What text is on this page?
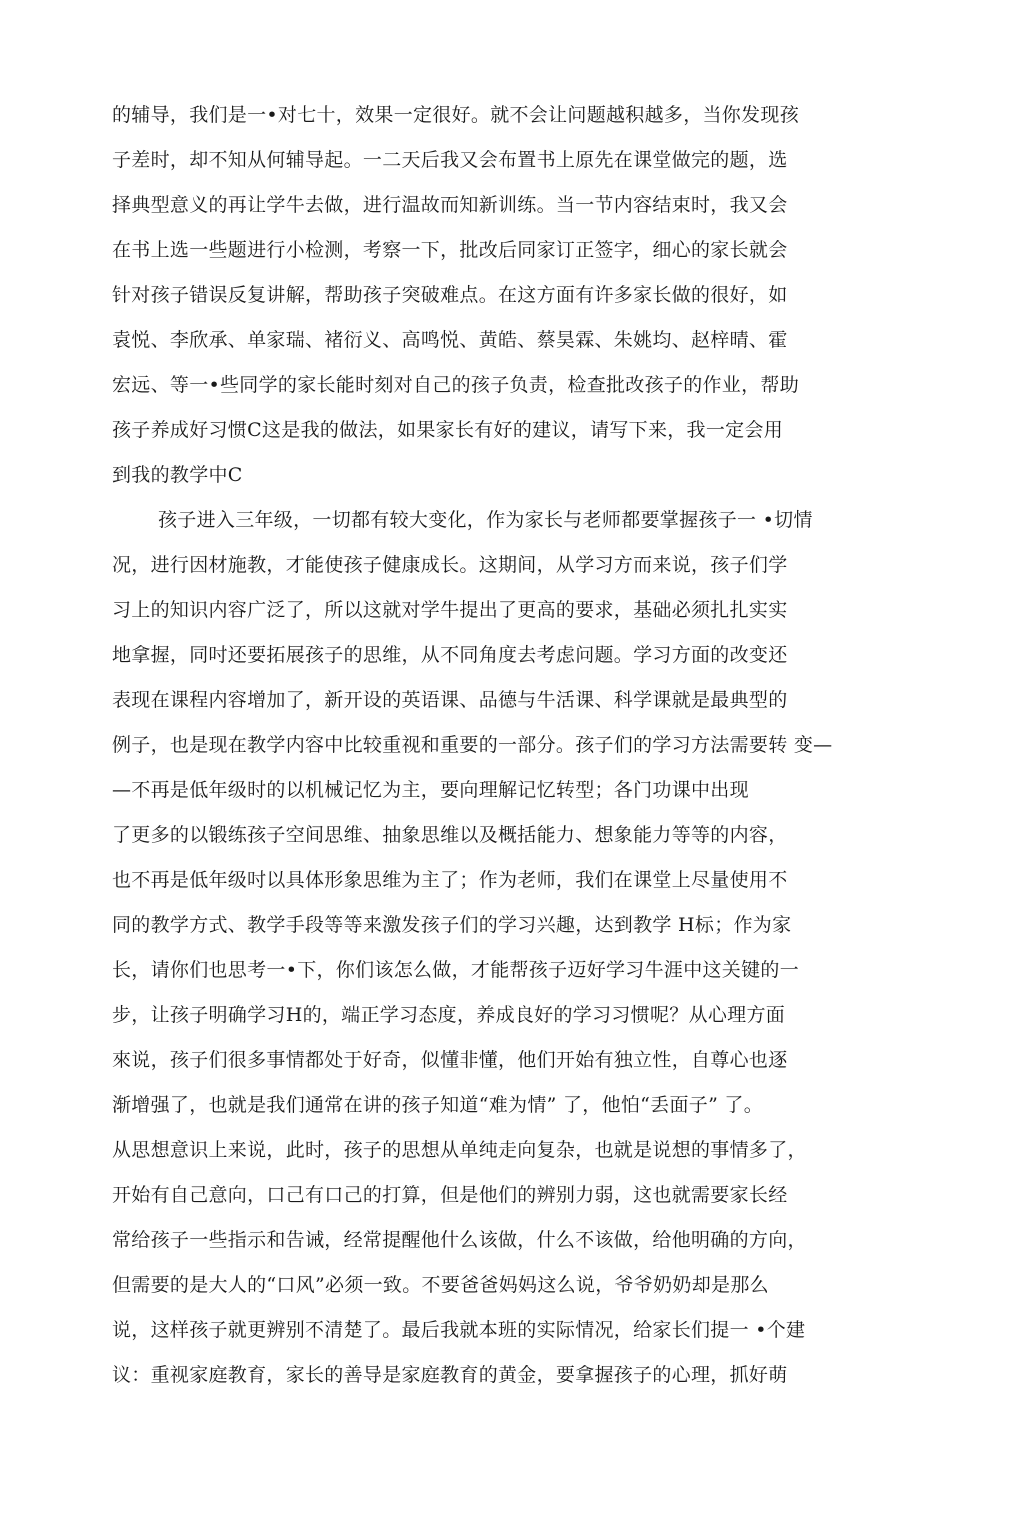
的辅导，我们是一•对七十，效果一定很好。就不会让问题越积越多，当你发现孩
子差时，却不知从何辅导起。一二天后我又会布置书上原先在课堂做完的题，选
择典型意义的再让学牛去做，进行温故而知新训练。当一节内容结束时，我又会
在书上选一些题进行小检测，考察一下，批改后同家订正签字，细心的家长就会
针对孩子错误反复讲解，帮助孩子突破难点。在这方面有许多家长做的很好，如
袁悦、李欣承、单家瑞、褚衍义、高鸣悦、黄皓、蔡昊霖、朱姚均、赵梓晴、霍
宏远、等一•些同学的家长能时刻对自己的孩子负责，检查批改孩子的作业，帮助
孩子养成好习惯C这是我的做法，如果家长有好的建议，请写下来，我一定会用
到我的教学中C
孩子进入三年级，一切都有较大变化，作为家长与老师都要掌握孩子一 •切情
况，进行因材施教，才能使孩子健康成长。这期间，从学习方而来说，孩子们学
习上的知识内容广泛了，所以这就对学牛提出了更高的要求，基础必须扎扎实实
地拿握，同吋还要拓展孩子的思维，从不同角度去考虑问题。学习方面的改变还
表现在课程内容增加了，新开设的英语课、品德与牛活课、科学课就是最典型的
例子，也是现在教学内容中比较重视和重要的一部分。孩子们的学习方法需要转 变—
—不再是低年级时的以机械记忆为主，要向理解记忆转型；各门功课中出现
了更多的以锻练孩子空间思维、抽象思维以及概括能力、想象能力等等的内容，
也不再是低年级吋以具体形象思维为主了；作为老师，我们在课堂上尽量使用不
同的教学方式、教学手段等等来激发孩子们的学习兴趣，达到教学 H标；作为家
长，请你们也思考一•下，你们该怎么做，才能帮孩子迈好学习牛涯中这关键的一
步，让孩子明确学习H的，端正学习态度，养成良好的学习习惯呢？从心理方面
來说，孩子们很多事情都处于好奇，似懂非懂，他们开始有独立性，自尊心也逐
渐增强了，也就是我们通常在讲的孩子知道“难为情” 了，他怕“丢面子” 了。
从思想意识上来说，此时，孩子的思想从单纯走向复杂，也就是说想的事情多了，
开始有自己意向，口己有口己的打算，但是他们的辨别力弱，这也就需要家长经
常给孩子一些指示和告诫，经常提醒他什么该做，什么不该做，给他明确的方向，
但需要的是大人的“口风”必须一致。不要爸爸妈妈这么说，爷爷奶奶却是那么
说，这样孩子就更辨别不清楚了。最后我就本班的实际情况，给家长们提一 •个建
议：重视家庭教育，家长的善导是家庭教育的黄金，要拿握孩子的心理，抓好萌
